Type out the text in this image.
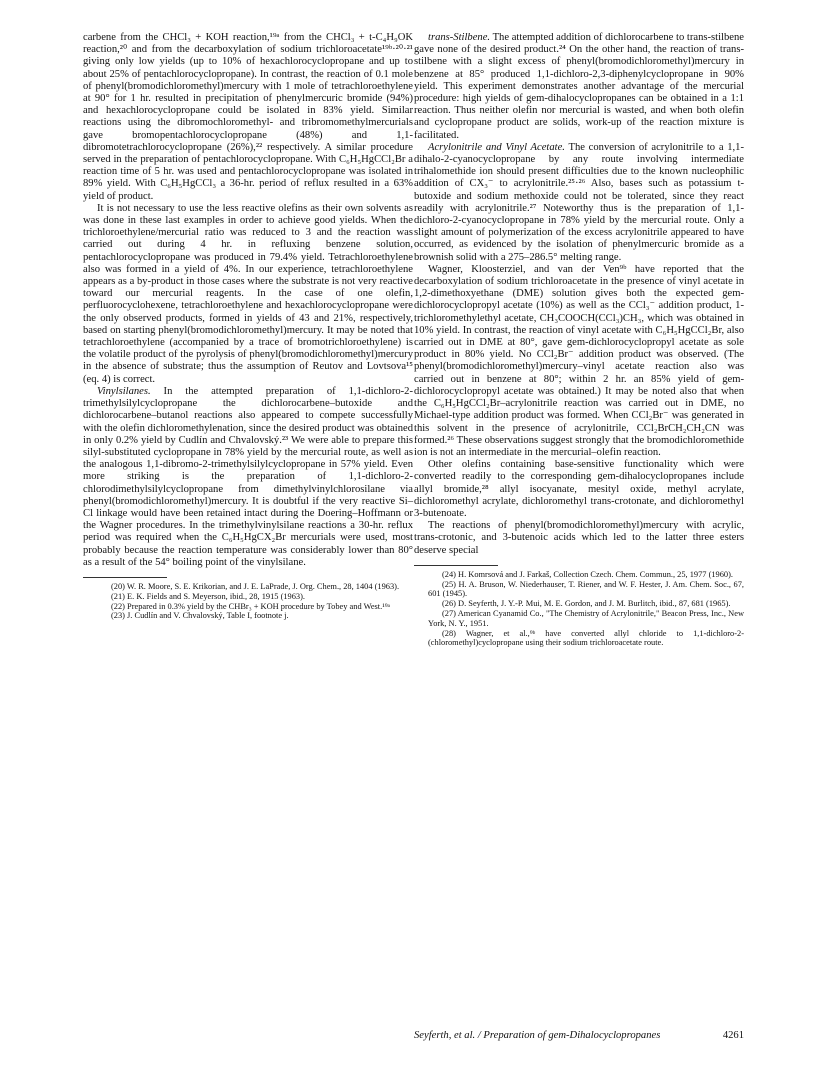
carbene from the CHCl₃ + KOH reaction,¹⁹ᵃ from the CHCl₃ + t-C₄H₉OK reaction,²⁰ and from the decarboxylation of sodium trichloroacetate¹⁹ᵇ·²⁰·²¹ giving only low yields (up to 10% of hexachlorocyclopropane and up to about 25% of pentachlorocyclopropane). In contrast, the reaction of 0.1 mole of phenyl(bromodichloromethyl)mercury with 1 mole of tetrachloroethylene at 90° for 1 hr. resulted in precipitation of phenylmercuric bromide (94%) and hexachlorocyclopropane could be isolated in 83% yield. Similar reactions using the dibromochloromethyl- and tribromomethylmercurials gave bromopentachlorocyclopropane (48%) and 1,1-dibromotetrachlorocyclopropane (26%),²² respectively. A similar procedure served in the preparation of pentachlorocyclopropane. With C₆H₅HgCCl₂Br a reaction time of 5 hr. was used and pentachlorocyclopropane was isolated in 89% yield. With C₆H₅HgCCl₃ a 36-hr. period of reflux resulted in a 63% yield of product.

It is not necessary to use the less reactive olefins as their own solvents as was done in these last examples in order to achieve good yields. When the trichloroethylene/mercurial ratio was reduced to 3 and the reaction was carried out during 4 hr. in refluxing benzene solution, pentachlorocyclopropane was produced in 79.4% yield. Tetrachloroethylene also was formed in a yield of 4%. In our experience, tetrachloroethylene appears as a by-product in those cases where the substrate is not very reactive toward our mercurial reagents. In the case of one olefin, perfluorocyclohexene, tetrachloroethylene and hexachlorocyclopropane were the only observed products, formed in yields of 43 and 21%, respectively, based on starting phenyl(bromodichloromethyl)mercury. It may be noted that tetrachloroethylene (accompanied by a trace of bromotrichloroethylene) is the volatile product of the pyrolysis of phenyl(bromodichloromethyl)mercury in the absence of substrate; thus the assumption of Reutov and Lovtsova¹⁵ (eq. 4) is correct.

Vinylsilanes. In the attempted preparation of 1,1-dichloro-2-trimethylsilylcyclopropane the dichlorocarbene–butoxide and dichlorocarbene–butanol reactions also appeared to compete successfully with the olefin dichloromethylenation, since the desired product was obtained in only 0.2% yield by Cudlín and Chvalovský.²³ We were able to prepare this silyl-substituted cyclopropane in 78% yield by the mercurial route, as well as the analogous 1,1-dibromo-2-trimethylsilylcyclopropane in 57% yield. Even more striking is the preparation of 1,1-dichloro-2-chlorodimethylsilylcyclopropane from dimethylvinylchlorosilane via phenyl(bromodichloromethyl)mercury. It is doubtful if the very reactive Si–Cl linkage would have been retained intact during the Doering–Hoffmann or the Wagner procedures. In the trimethylvinylsilane reactions a 30-hr. reflux period was required when the C₆H₅HgCX₂Br mercurials were used, most probably because the reaction temperature was considerably lower than 80° as a result of the 54° boiling point of the vinylsilane.

(20) W. R. Moore, S. E. Krikorian, and J. E. LaPrade, J. Org. Chem., 28, 1404 (1963).

(21) E. K. Fields and S. Meyerson, ibid., 28, 1915 (1963).

(22) Prepared in 0.3% yield by the CHBr₃ + KOH procedure by Tobey and West.¹⁹ᵃ

(23) J. Cudlín and V. Chvalovský, Table I, footnote j.

trans-Stilbene. The attempted addition of dichlorocarbene to trans-stilbene gave none of the desired product.²⁴ On the other hand, the reaction of trans-stilbene with a slight excess of phenyl(bromodichloromethyl)mercury in benzene at 85° produced 1,1-dichloro-2,3-diphenylcyclopropane in 90% yield. This experiment demonstrates another advantage of the mercurial procedure: high yields of gem-dihalocyclopropanes can be obtained in a 1:1 reaction. Thus neither olefin nor mercurial is wasted, and when both olefin and cyclopropane product are solids, work-up of the reaction mixture is facilitated.

Acrylonitrile and Vinyl Acetate. The conversion of acrylonitrile to a 1,1-dihalo-2-cyanocyclopropane by any route involving intermediate trihalomethide ion should present difficulties due to the known nucleophilic addition of CX₃⁻ to acrylonitrile.²⁵·²⁶ Also, bases such as potassium t-butoxide and sodium methoxide could not be tolerated, since they react readily with acrylonitrile.²⁷ Noteworthy thus is the preparation of 1,1-dichloro-2-cyanocyclopropane in 78% yield by the mercurial route. Only a slight amount of polymerization of the excess acrylonitrile appeared to have occurred, as evidenced by the isolation of phenylmercuric bromide as a brownish solid with a 275–286.5° melting range.

Wagner, Kloosterziel, and van der Ven⁹ᵇ have reported that the decarboxylation of sodium trichloroacetate in the presence of vinyl acetate in 1,2-dimethoxyethane (DME) solution gives both the expected gem-dichlorocyclopropyl acetate (10%) as well as the CCl₃⁻ addition product, 1-trichloromethylethyl acetate, CH₃COOCH(CCl₃)CH₃, which was obtained in 10% yield. In contrast, the reaction of vinyl acetate with C₆H₅HgCCl₂Br, also carried out in DME at 80°, gave gem-dichlorocyclopropyl acetate as sole product in 80% yield. No CCl₂Br⁻ addition product was observed. (The phenyl(bromodichloromethyl)mercury–vinyl acetate reaction also was carried out in benzene at 80°; within 2 hr. an 85% yield of gem-dichlorocyclopropyl acetate was obtained.) It may be noted also that when the C₆H₅HgCCl₂Br–acrylonitrile reaction was carried out in DME, no Michael-type addition product was formed. When CCl₂Br⁻ was generated in this solvent in the presence of acrylonitrile, CCl₂BrCH₂CH₂CN was formed.²⁶ These observations suggest strongly that the bromodichloromethide ion is not an intermediate in the mercurial–olefin reaction.

Other olefins containing base-sensitive functionality which were converted readily to the corresponding gem-dihalocyclopropanes include allyl bromide,²⁸ allyl isocyanate, mesityl oxide, methyl acrylate, dichloromethyl acrylate, dichloromethyl trans-crotonate, and dichloromethyl 3-butenoate.

The reactions of phenyl(bromodichloromethyl)mercury with acrylic, trans-crotonic, and 3-butenoic acids which led to the latter three esters deserve special

(24) H. Komrsová and J. Farkaš, Collection Czech. Chem. Commun., 25, 1977 (1960).

(25) H. A. Bruson, W. Niederhauser, T. Riener, and W. F. Hester, J. Am. Chem. Soc., 67, 601 (1945).

(26) D. Seyferth, J. Y.-P. Mui, M. E. Gordon, and J. M. Burlitch, ibid., 87, 681 (1965).

(27) American Cyanamid Co., "The Chemistry of Acrylonitrile," Beacon Press, Inc., New York, N. Y., 1951.

(28) Wagner, et al.,⁹ᵇ have converted allyl chloride to 1,1-dichloro-2-(chloromethyl)cyclopropane using their sodium trichloroacetate route.

Seyferth, et al. / Preparation of gem-Dihalocyclopropanes	4261
